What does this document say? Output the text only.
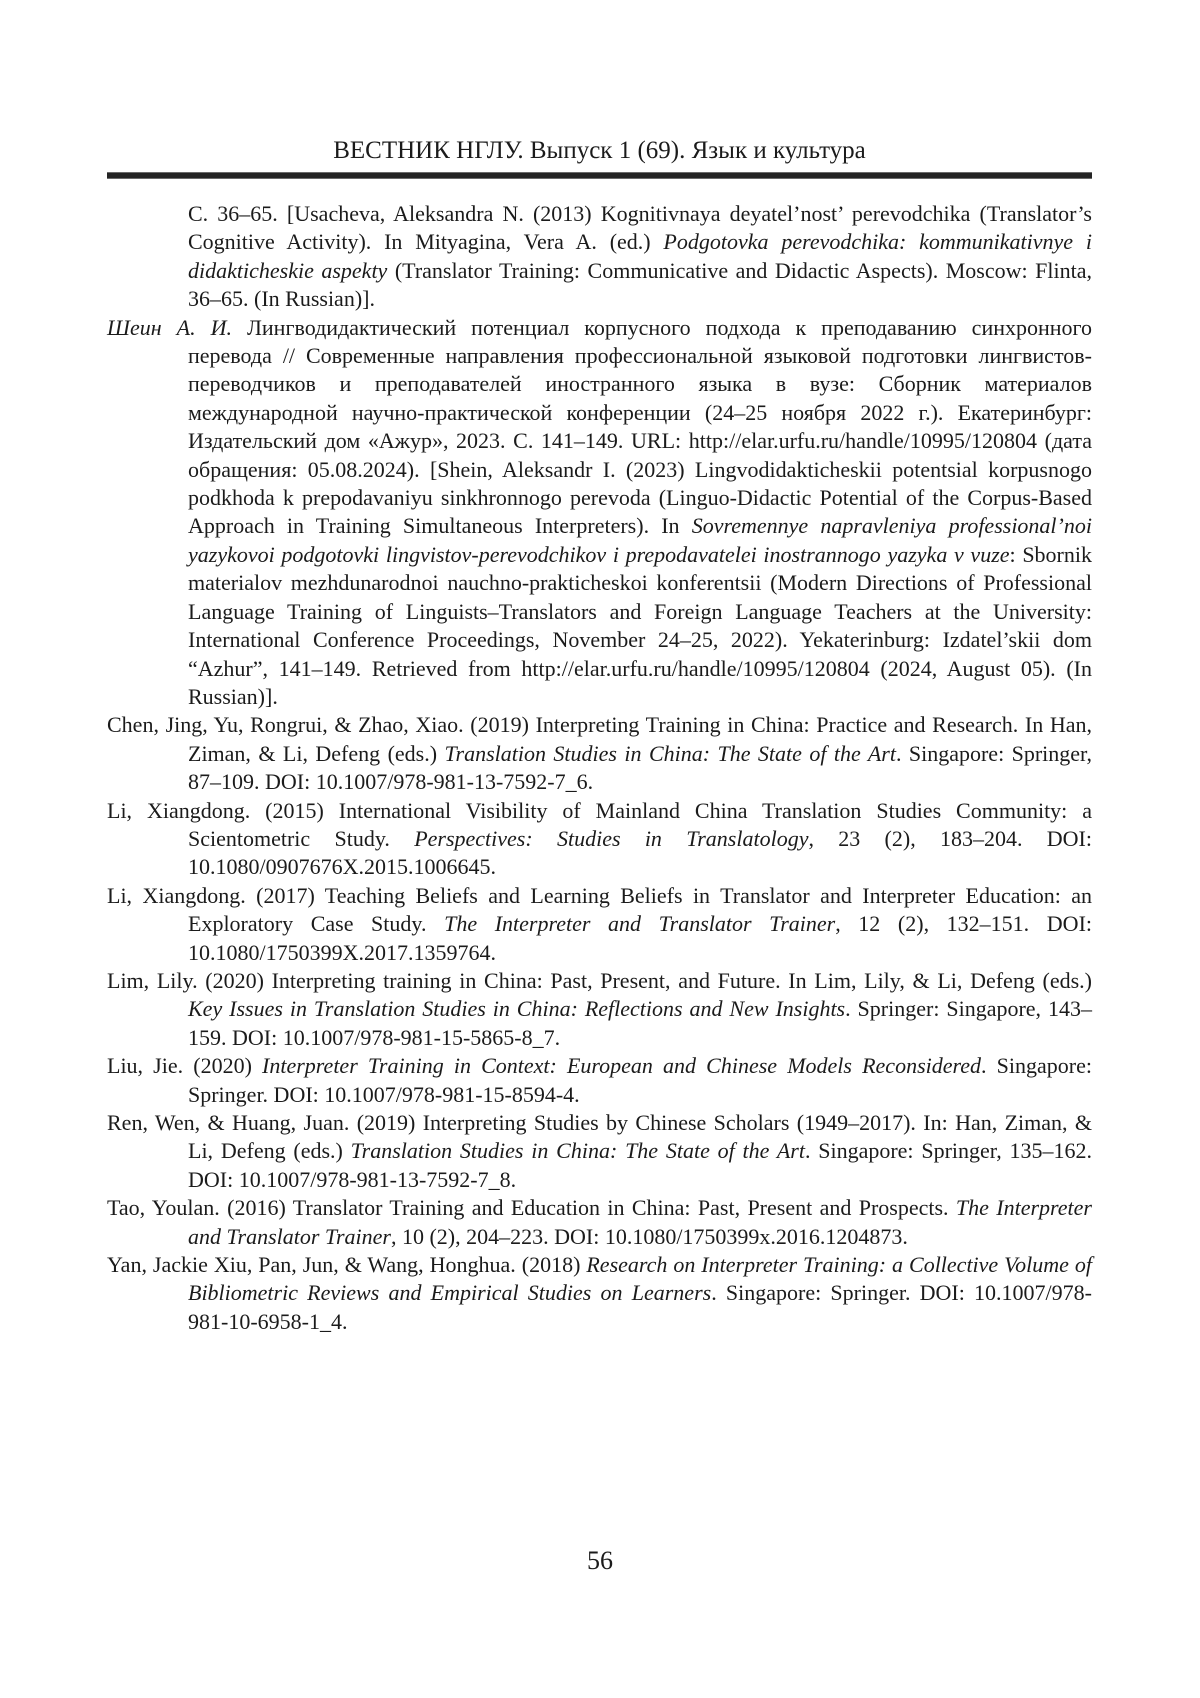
ВЕСТНИК НГЛУ. Выпуск 1 (69). Язык и культура

С. 36–65. [Usacheva, Aleksandra N. (2013) Kognitivnaya deyatel’nost’ perevodchika (Translator’s Cognitive Activity). In Mityagina, Vera A. (ed.) Podgotovka perevodchika: kommunikativnye i didakticheskie aspekty (Translator Training: Communicative and Didactic Aspects). Moscow: Flinta, 36–65. (In Russian)].

Шеин А. И. Лингводидактический потенциал корпусного подхода к преподаванию синхронного перевода // Современные направления профессиональной языковой подготовки лингвистов-переводчиков и преподавателей иностранного языка в вузе: Сборник материалов международной научно-практической конференции (24–25 ноября 2022 г.). Екатеринбург: Издательский дом «Ажур», 2023. С. 141–149. URL: http://elar.urfu.ru/handle/10995/120804 (дата обращения: 05.08.2024). [Shein, Aleksandr I. (2023) Lingvodidakticheskii potentsial korpusnogo podkhoda k prepodavaniyu sinkhronnogo perevoda (Linguo-Didactic Potential of the Corpus-Based Approach in Training Simultaneous Interpreters). In Sovremennye napravleniya professional’noi yazykovoi podgotovki lingvistov-perevodchikov i prepodavatelei inostrannogo yazyka v vuze: Sbornik materialov mezhdunarodnoi nauchno-prakticheskoi konferentsii (Modern Directions of Professional Language Training of Linguists–Translators and Foreign Language Teachers at the University: International Conference Proceedings, November 24–25, 2022). Yekaterinburg: Izdatel’skii dom “Azhur”, 141–149. Retrieved from http://elar.urfu.ru/handle/10995/120804 (2024, August 05). (In Russian)].

Chen, Jing, Yu, Rongrui, & Zhao, Xiao. (2019) Interpreting Training in China: Practice and Research. In Han, Ziman, & Li, Defeng (eds.) Translation Studies in China: The State of the Art. Singapore: Springer, 87–109. DOI: 10.1007/978-981-13-7592-7_6.

Li, Xiangdong. (2015) International Visibility of Mainland China Translation Studies Community: a Scientometric Study. Perspectives: Studies in Translatology, 23 (2), 183–204. DOI: 10.1080/0907676X.2015.1006645.

Li, Xiangdong. (2017) Teaching Beliefs and Learning Beliefs in Translator and Interpreter Education: an Exploratory Case Study. The Interpreter and Translator Trainer, 12 (2), 132–151. DOI: 10.1080/1750399X.2017.1359764.

Lim, Lily. (2020) Interpreting training in China: Past, Present, and Future. In Lim, Lily, & Li, Defeng (eds.) Key Issues in Translation Studies in China: Reflections and New Insights. Springer: Singapore, 143–159. DOI: 10.1007/978-981-15-5865-8_7.

Liu, Jie. (2020) Interpreter Training in Context: European and Chinese Models Reconsidered. Singapore: Springer. DOI: 10.1007/978-981-15-8594-4.

Ren, Wen, & Huang, Juan. (2019) Interpreting Studies by Chinese Scholars (1949–2017). In: Han, Ziman, & Li, Defeng (eds.) Translation Studies in China: The State of the Art. Singapore: Springer, 135–162. DOI: 10.1007/978-981-13-7592-7_8.

Tao, Youlan. (2016) Translator Training and Education in China: Past, Present and Prospects. The Interpreter and Translator Trainer, 10 (2), 204–223. DOI: 10.1080/1750399x.2016.1204873.

Yan, Jackie Xiu, Pan, Jun, & Wang, Honghua. (2018) Research on Interpreter Training: a Collective Volume of Bibliometric Reviews and Empirical Studies on Learners. Singapore: Springer. DOI: 10.1007/978-981-10-6958-1_4.

56
